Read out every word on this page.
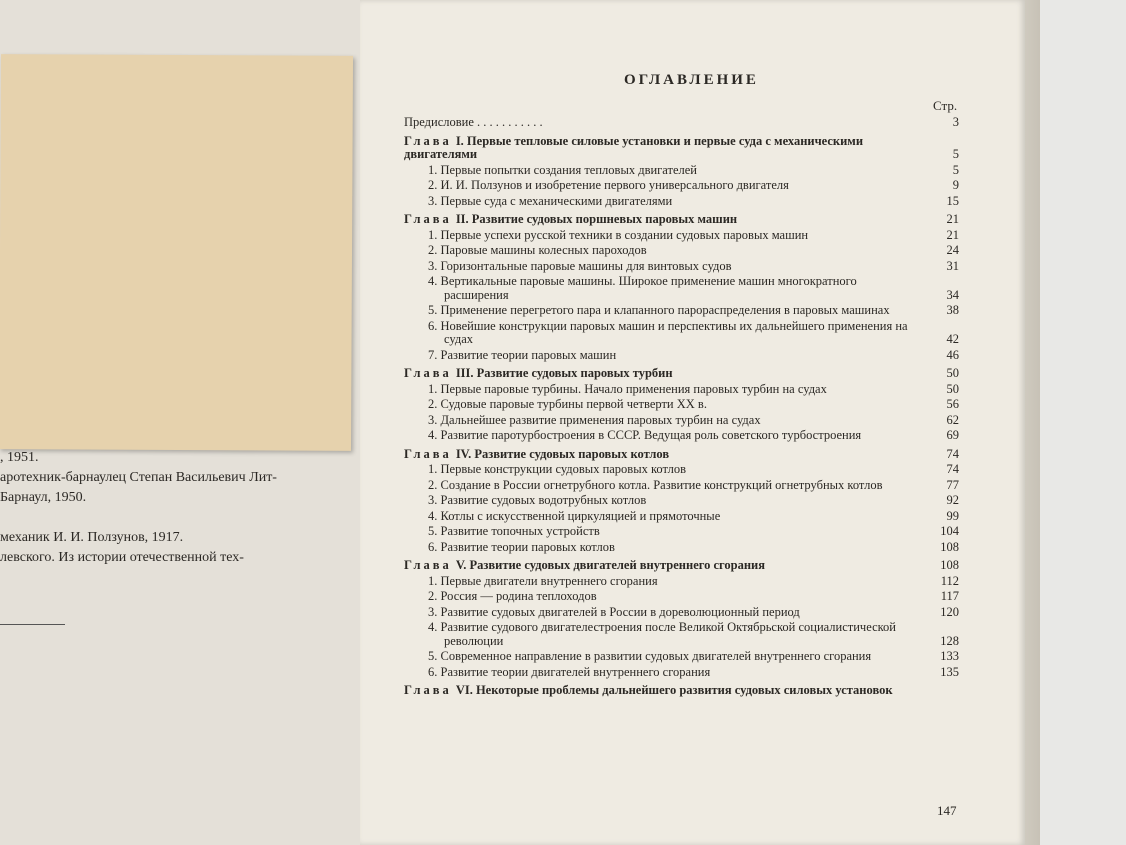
, 1951.
аротехник-барнаулец Степан Васильевич Лит-
Барнаул, 1950.

механик И. И. Ползунов, 1917.
левского. Из истории отечественной тех-
ОГЛАВЛЕНИЕ
Стр.
Предисловие . . . . . . . . . . .	3
Глава I. Первые тепловые силовые установки и первые суда с механическими двигателями	5
1. Первые попытки создания тепловых двигателей	5
2. И. И. Ползунов и изобретение первого универсального двигателя	9
3. Первые суда с механическими двигателями	15
Глава II. Развитие судовых поршневых паровых машин	21
1. Первые успехи русской техники в создании судовых паровых машин	21
2. Паровые машины колесных пароходов	24
3. Горизонтальные паровые машины для винтовых судов	31
4. Вертикальные паровые машины. Широкое применение машин многократного расширения	34
5. Применение перегретого пара и клапанного парораспределения в паровых машинах	38
6. Новейшие конструкции паровых машин и перспективы их дальнейшего применения на судах	42
7. Развитие теории паровых машин	46
Глава III. Развитие судовых паровых турбин	50
1. Первые паровые турбины. Начало применения паровых турбин на судах	50
2. Судовые паровые турбины первой четверти XX в.	56
3. Дальнейшее развитие применения паровых турбин на судах	62
4. Развитие паротурбостроения в СССР. Ведущая роль советского турбостроения	69
Глава IV. Развитие судовых паровых котлов	74
1. Первые конструкции судовых паровых котлов	74
2. Создание в России огнетрубного котла. Развитие конструкций огнетрубных котлов	77
3. Развитие судовых водотрубных котлов	92
4. Котлы с искусственной циркуляцией и прямоточные	99
5. Развитие топочных устройств	104
6. Развитие теории паровых котлов	108
Глава V. Развитие судовых двигателей внутреннего сгорания	108
1. Первые двигатели внутреннего сгорания	112
2. Россия — родина теплоходов	117
3. Развитие судовых двигателей в России в дореволюционный период	120
4. Развитие судового двигателестроения после Великой Октябрьской социалистической революции	128
5. Современное направление в развитии судовых двигателей внутреннего сгорания	133
6. Развитие теории двигателей внутреннего сгорания	135
Глава VI. Некоторые проблемы дальнейшего развития судовых силовых установок
147
